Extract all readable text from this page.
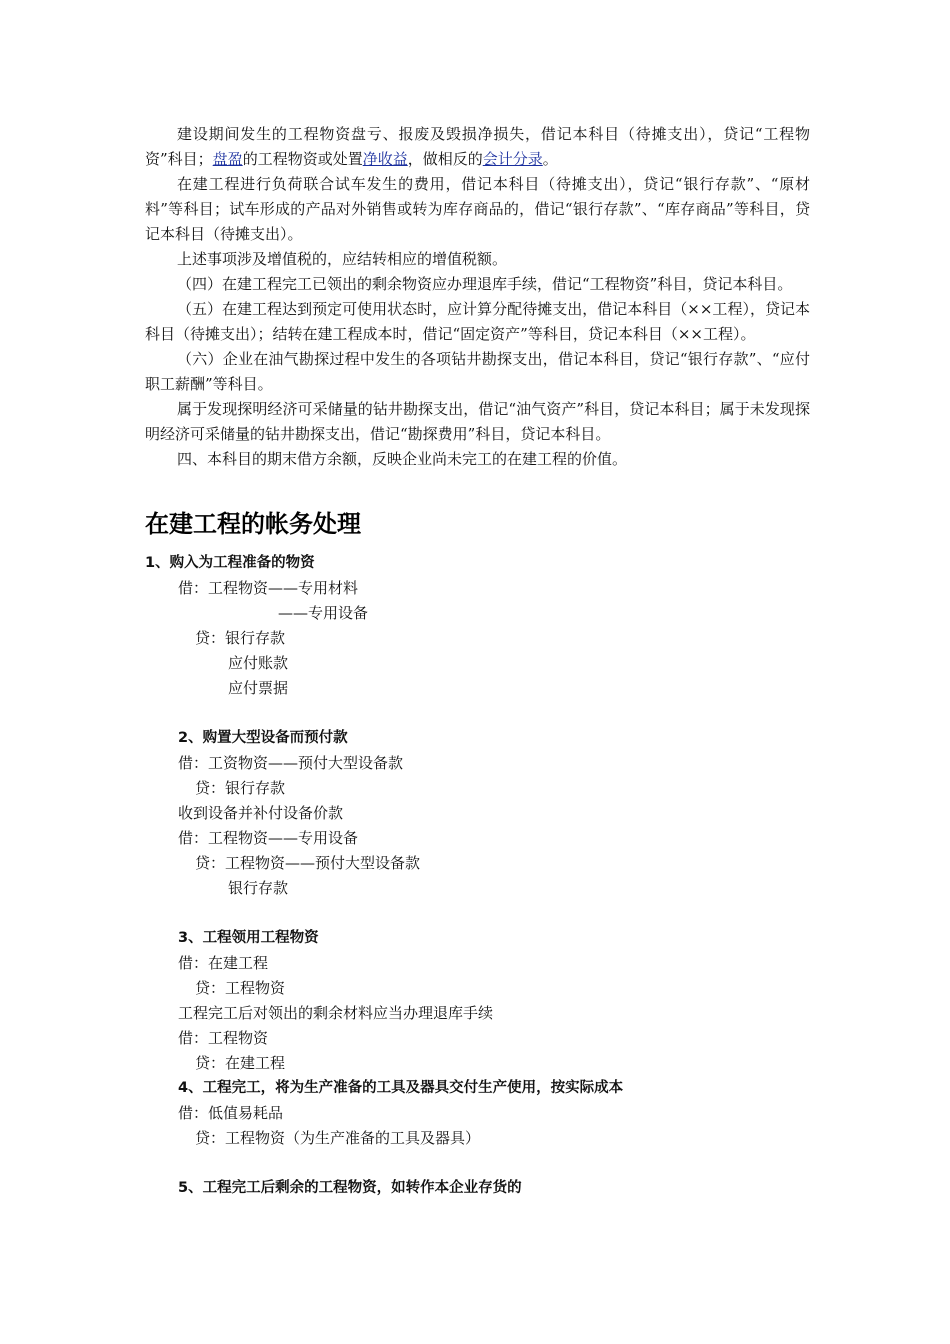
建设期间发生的工程物资盘亏、报废及毁损净损失，借记本科目（待摊支出），贷记“工程物资”科目；盘盈的工程物资或处置净收益，做相反的会计分录。

在建工程进行负荷联合试车发生的费用，借记本科目（待摊支出），贷记“银行存款”、“原材料”等科目；试车形成的产品对外销售或转为库存商品的，借记“银行存款”、“库存商品”等科目，贷记本科目（待摊支出）。

上述事项涉及增值税的，应结转相应的增值税额。

（四）在建工程完工已领出的剩余物资应办理退库手续，借记“工程物资”科目，贷记本科目。

（五）在建工程达到预定可使用状态时，应计算分配待摊支出，借记本科目（××工程），贷记本科目（待摊支出）；结转在建工程成本时，借记“固定资产”等科目，贷记本科目（××工程）。

（六）企业在油气勘探过程中发生的各项钻井勘探支出，借记本科目，贷记“银行存款”、“应付职工薪酬”等科目。

属于发现探明经济可采储量的钻井勘探支出，借记“油气资产”科目，贷记本科目；属于未发现探明经济可采储量的钻井勘探支出，借记“勘探费用”科目，贷记本科目。

四、本科目的期末借方余额，反映企业尚未完工的在建工程的价值。

在建工程的帐务处理
1、购入为工程准备的物资
借：工程物资——专用材料
——专用设备
贷：银行存款
应付账款
应付票据
2、购置大型设备而预付款
借：工资物资——预付大型设备款
贷：银行存款
收到设备并补付设备价款
借：工程物资——专用设备
贷：工程物资——预付大型设备款
银行存款
3、工程领用工程物资
借：在建工程
贷：工程物资
工程完工后对领出的剩余材料应当办理退库手续
借：工程物资
贷：在建工程
4、工程完工，将为生产准备的工具及器具交付生产使用，按实际成本
借：低值易耗品
贷：工程物资（为生产准备的工具及器具）
5、工程完工后剩余的工程物资，如转作本企业存货的
